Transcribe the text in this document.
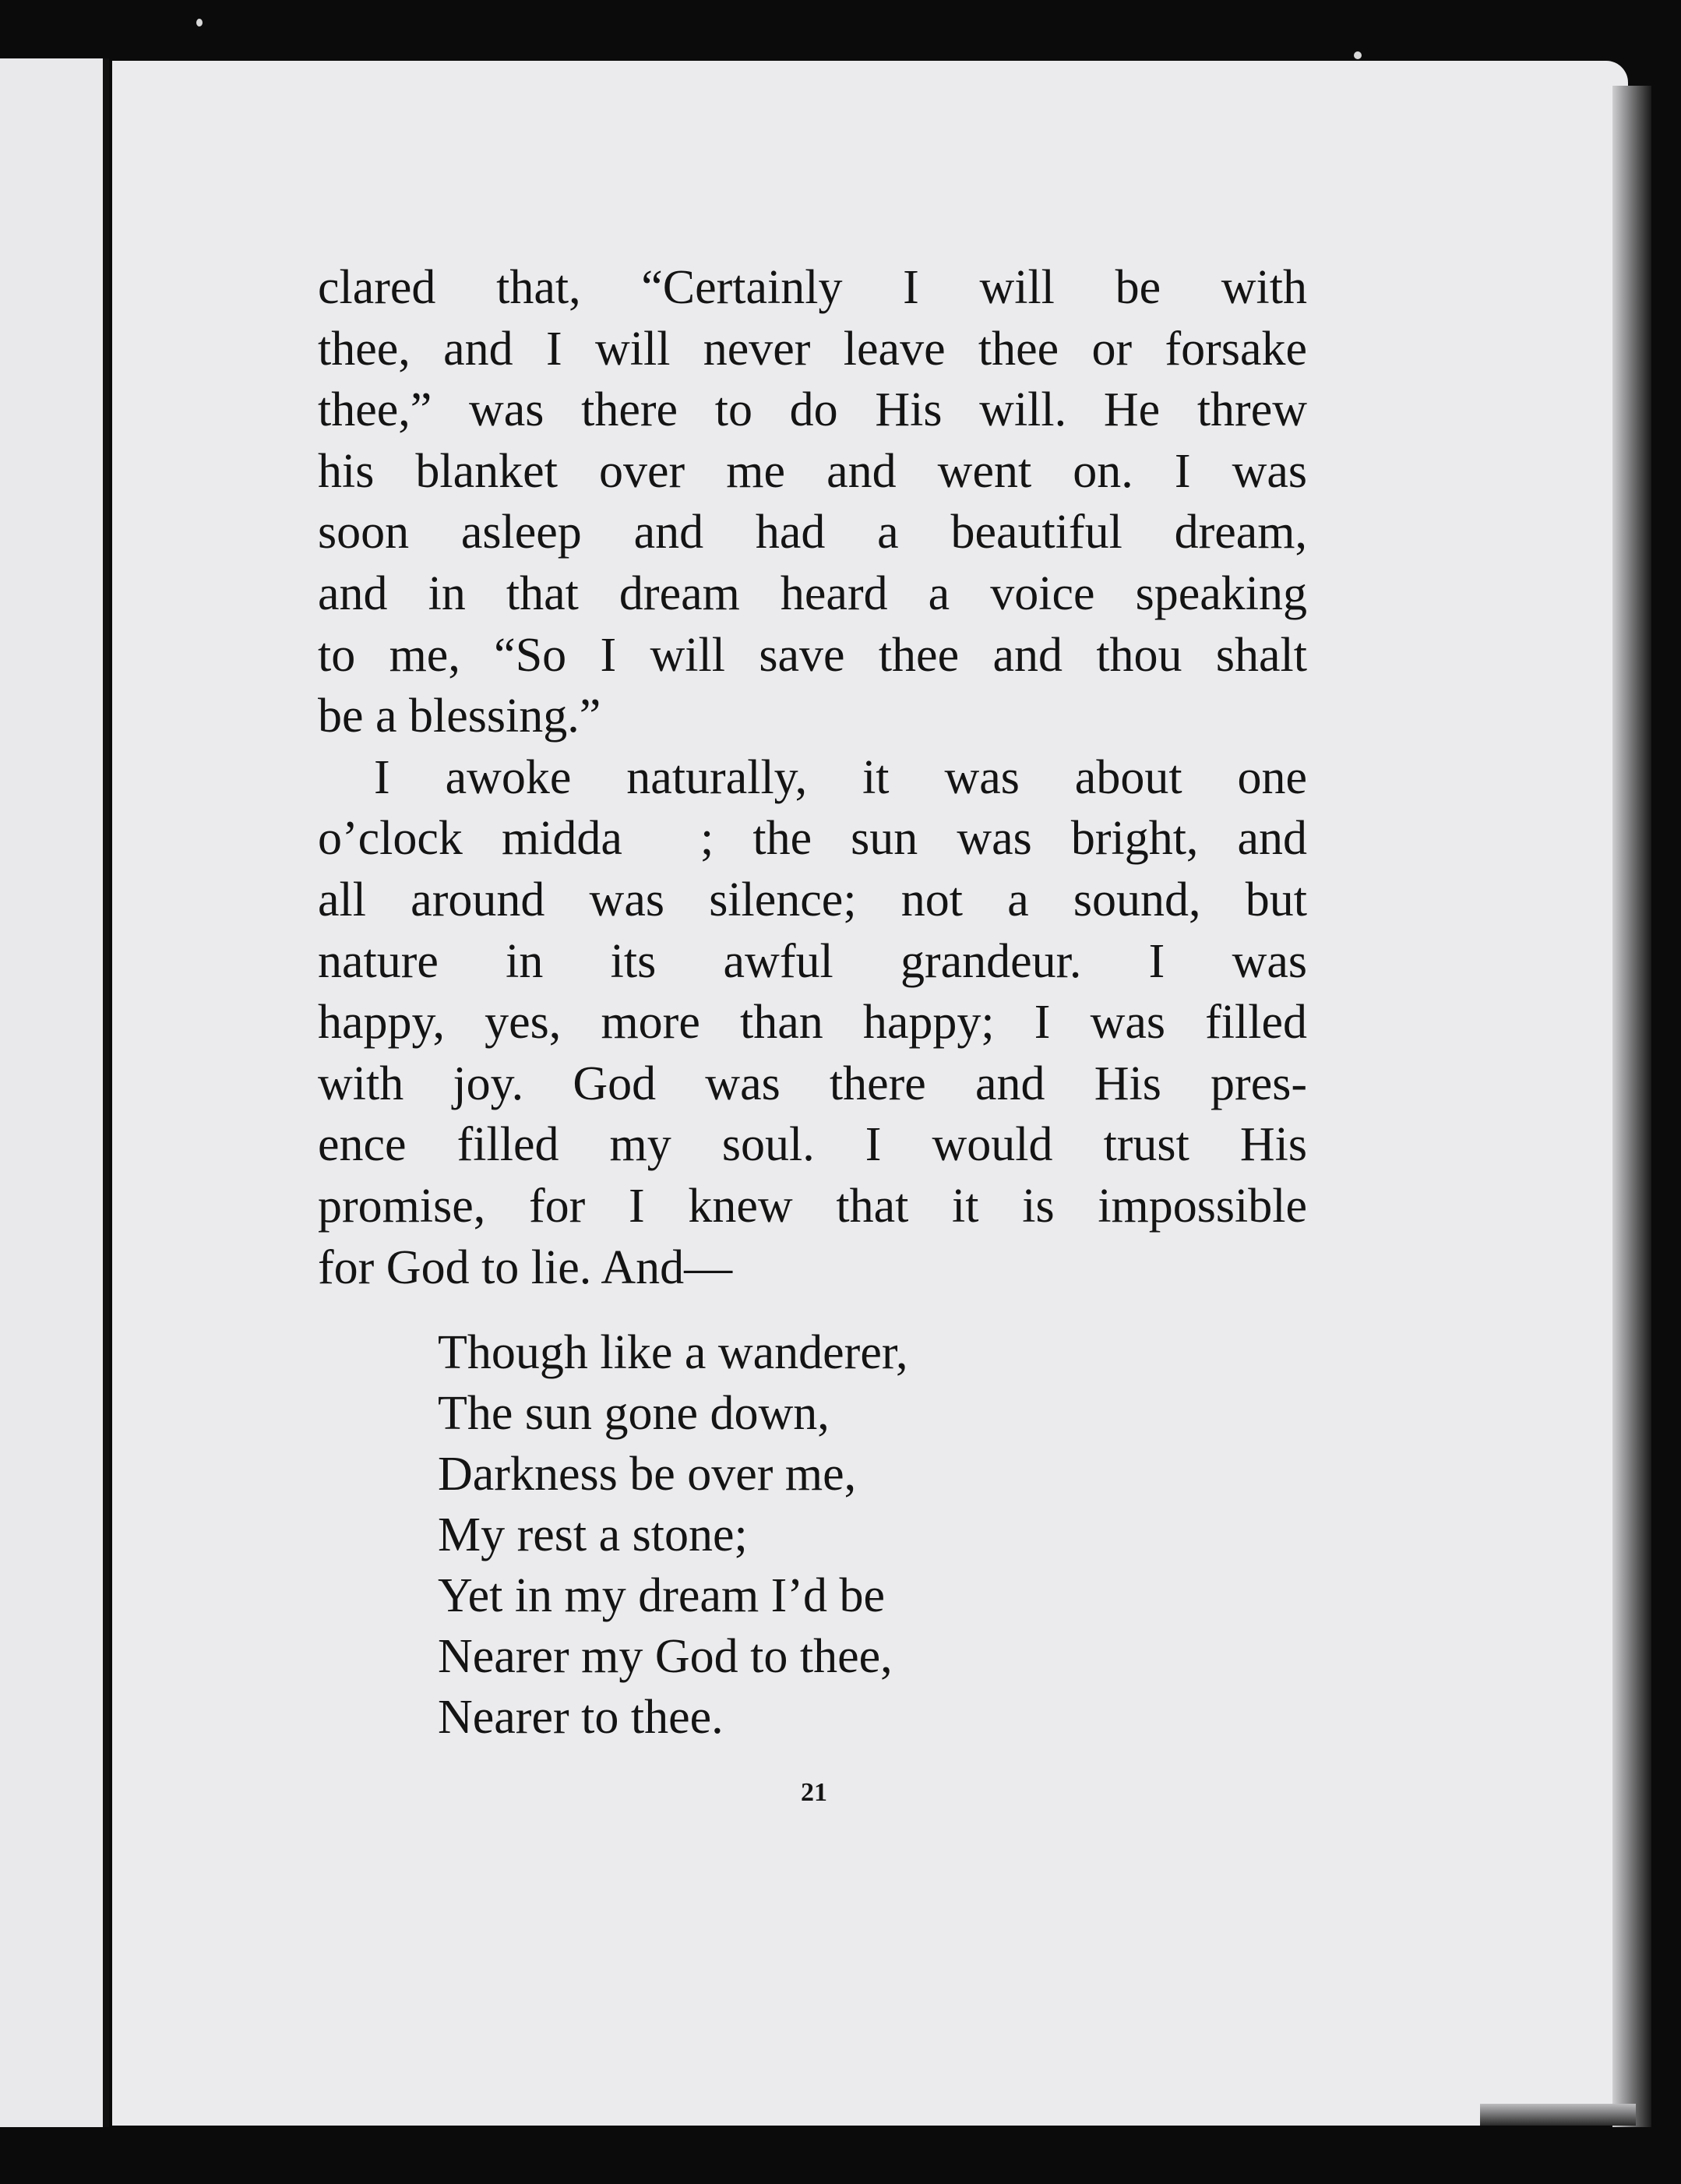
clared that, “Certainly I will be with
thee, and I will never leave thee or forsake
thee,” was there to do His will. He threw
his blanket over me and went on. I was
soon asleep and had a beautiful dream,
and in that dream heard a voice speaking
to me, “So I will save thee and thou shalt
be a blessing.”

I awoke naturally, it was about one
o’clock midda  ; the sun was bright, and
all around was silence; not a sound, but
nature in its awful grandeur. I was
happy, yes, more than happy; I was filled
with joy. God was there and His pres-
ence filled my soul. I would trust His
promise, for I knew that it is impossible
for God to lie. And—

Though like a wanderer,
The sun gone down,
Darkness be over me,
My rest a stone;
Yet in my dream I’d be
Nearer my God to thee,
Nearer to thee.
21
